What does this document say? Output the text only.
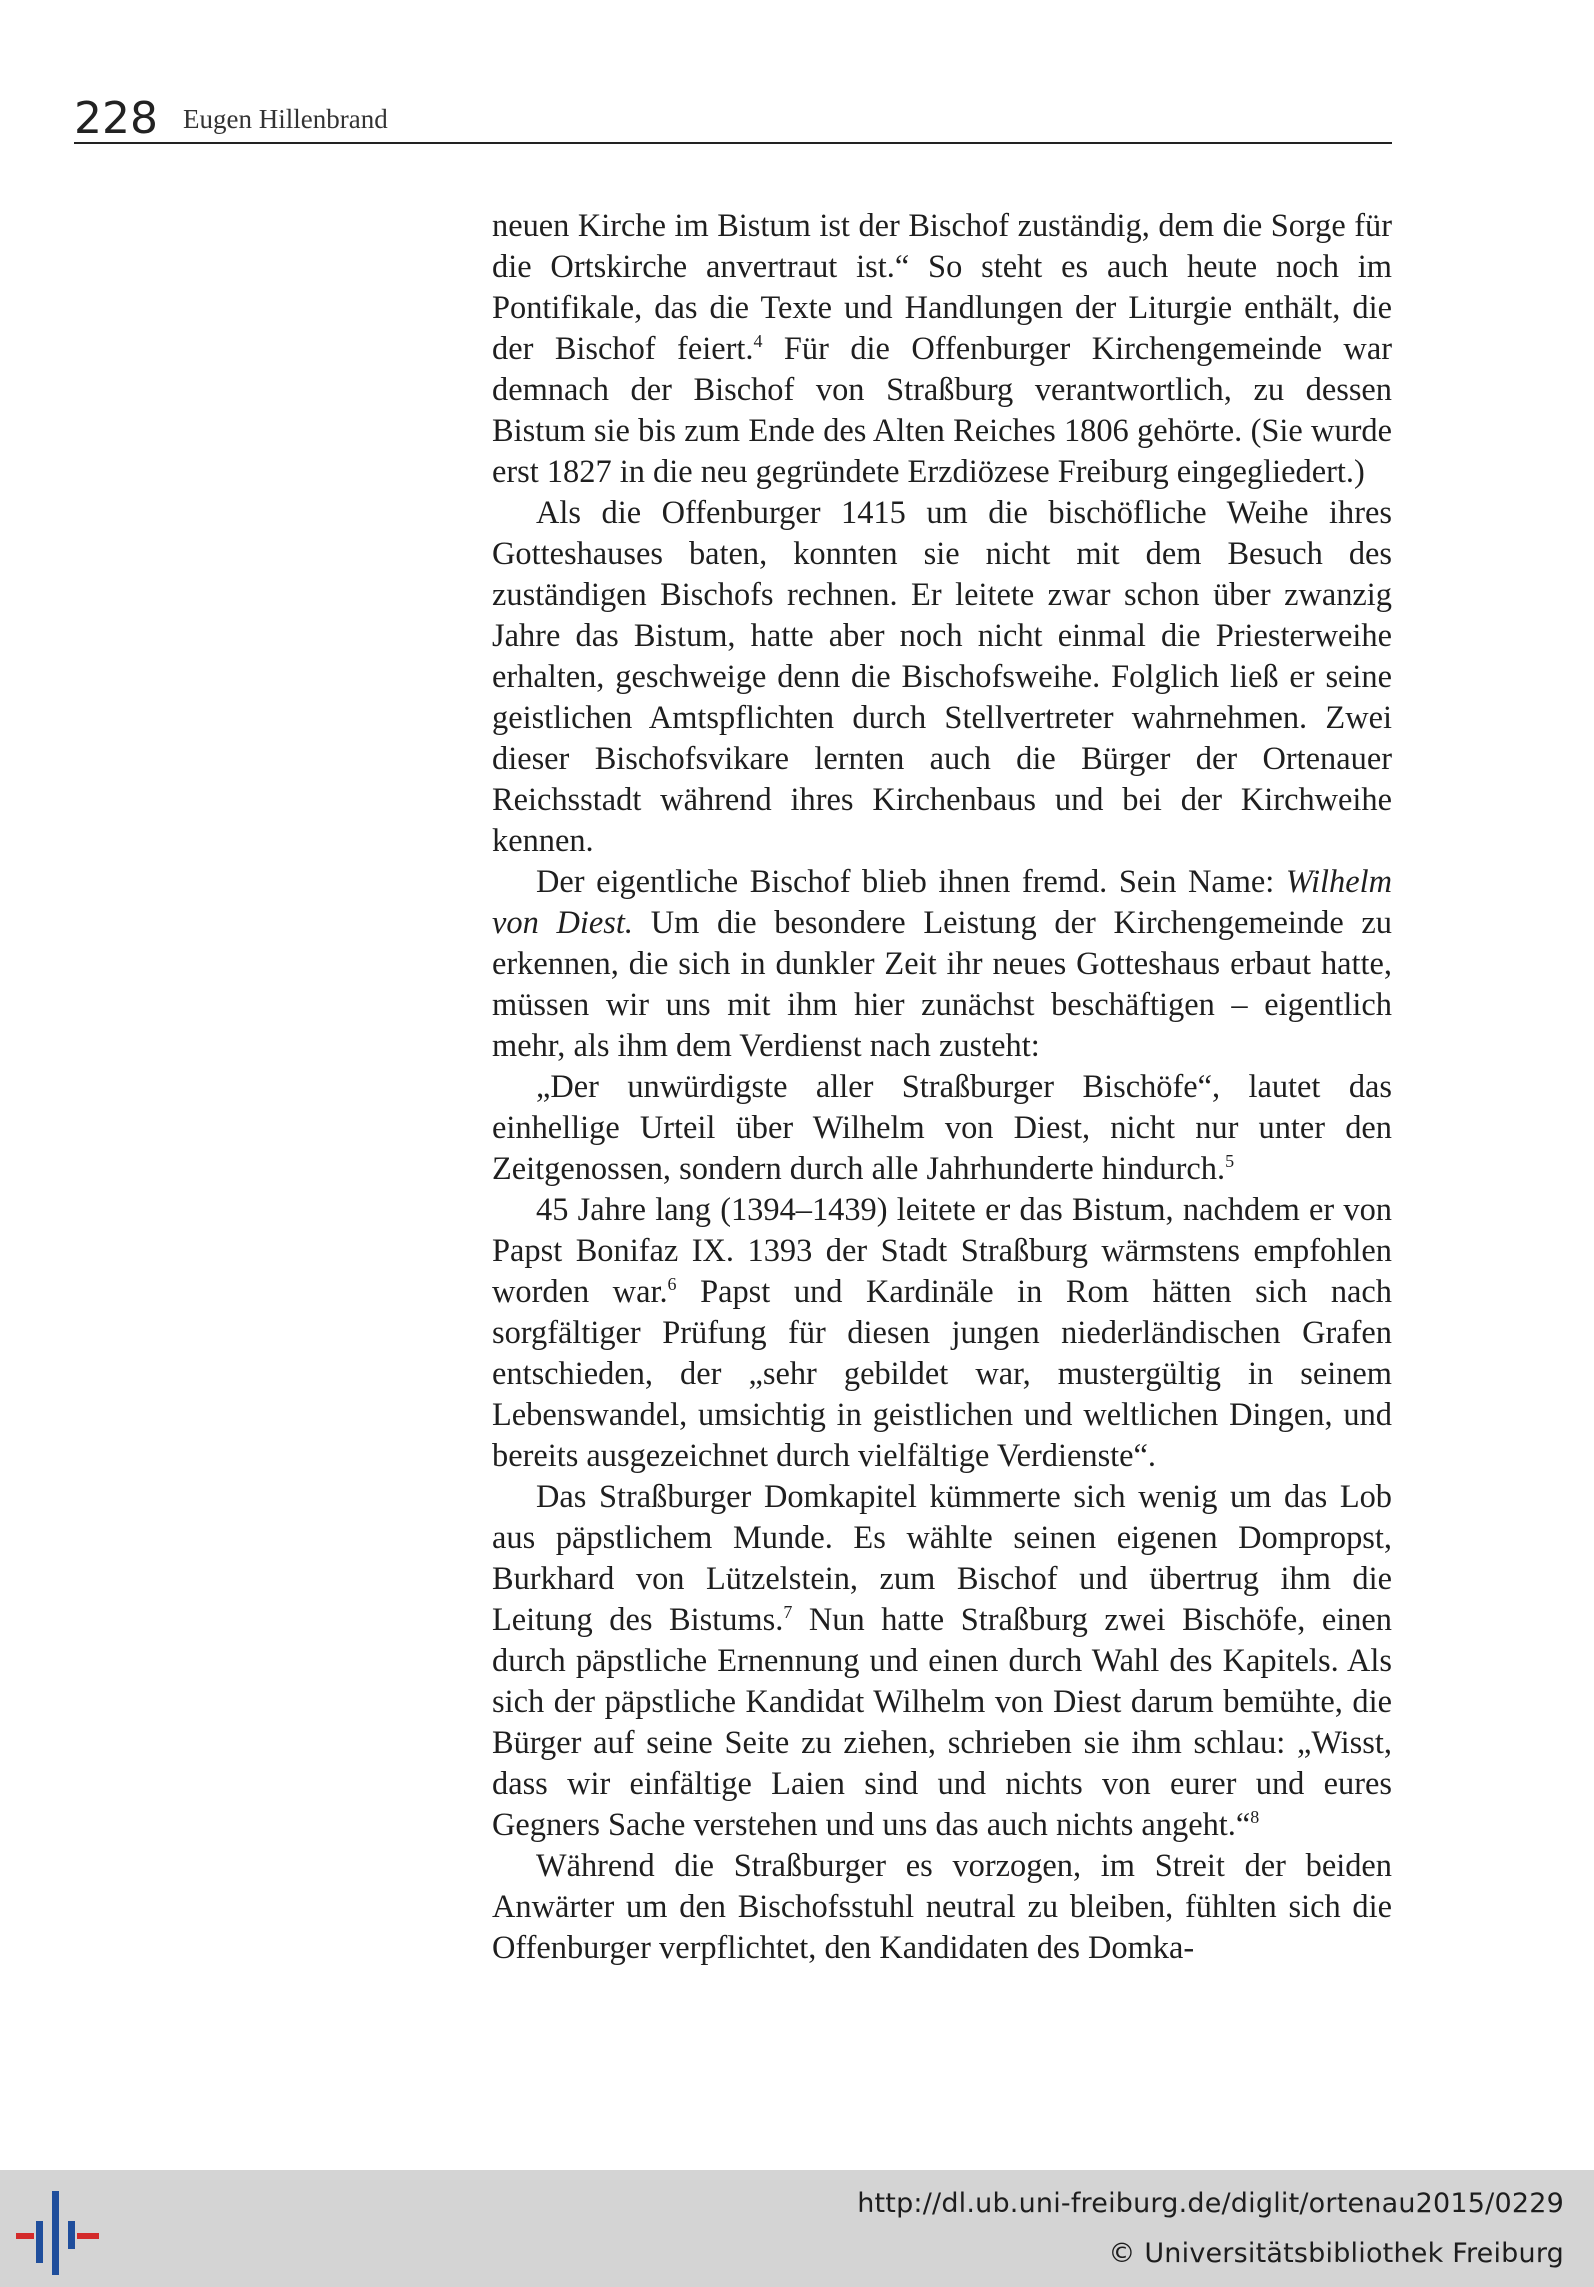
228 Eugen Hillenbrand

neuen Kirche im Bistum ist der Bischof zuständig, dem die Sorge für die Ortskirche anvertraut ist.“ So steht es auch heute noch im Pontifikale, das die Texte und Handlungen der Liturgie enthält, die der Bischof feiert.$^4$ Für die Offenburger Kirchengemeinde war demnach der Bischof von Straßburg verantwortlich, zu dessen Bistum sie bis zum Ende des Alten Reiches 1806 gehörte. (Sie wurde erst 1827 in die neu gegründete Erzdiözese Freiburg eingegliedert.)

Als die Offenburger 1415 um die bischöfliche Weihe ihres Gotteshauses baten, konnten sie nicht mit dem Besuch des zuständigen Bischofs rechnen. Er leitete zwar schon über zwanzig Jahre das Bistum, hatte aber noch nicht einmal die Priesterweihe erhalten, geschweige denn die Bischofsweihe. Folglich ließ er seine geistlichen Amtspflichten durch Stellvertreter wahrnehmen. Zwei dieser Bischofsvikare lernten auch die Bürger der Ortenauer Reichsstadt während ihres Kirchenbaus und bei der Kirchweihe kennen.

Der eigentliche Bischof blieb ihnen fremd. Sein Name: Wilhelm von Diest. Um die besondere Leistung der Kirchengemeinde zu erkennen, die sich in dunkler Zeit ihr neues Gotteshaus erbaut hatte, müssen wir uns mit ihm hier zunächst beschäftigen – eigentlich mehr, als ihm dem Verdienst nach zusteht:

„Der unwürdigste aller Straßburger Bischöfe“, lautet das einhellige Urteil über Wilhelm von Diest, nicht nur unter den Zeitgenossen, sondern durch alle Jahrhunderte hindurch.$^5$

45 Jahre lang (1394–1439) leitete er das Bistum, nachdem er von Papst Bonifaz IX. 1393 der Stadt Straßburg wärmstens empfohlen worden war.$^6$ Papst und Kardinäle in Rom hätten sich nach sorgfältiger Prüfung für diesen jungen niederländischen Grafen entschieden, der „sehr gebildet war, mustergültig in seinem Lebenswandel, umsichtig in geistlichen und weltlichen Dingen, und bereits ausgezeichnet durch vielfältige Verdienste“.

Das Straßburger Domkapitel kümmerte sich wenig um das Lob aus päpstlichem Munde. Es wählte seinen eigenen Dompropst, Burkhard von Lützelstein, zum Bischof und übertrug ihm die Leitung des Bistums.$^7$ Nun hatte Straßburg zwei Bischöfe, einen durch päpstliche Ernennung und einen durch Wahl des Kapitels. Als sich der päpstliche Kandidat Wilhelm von Diest darum bemühte, die Bürger auf seine Seite zu ziehen, schrieben sie ihm schlau: „Wisst, dass wir einfältige Laien sind und nichts von eurer und eures Gegners Sache verstehen und uns das auch nichts angeht.“$^8$

Während die Straßburger es vorzogen, im Streit der beiden Anwärter um den Bischofsstuhl neutral zu bleiben, fühlten sich die Offenburger verpflichtet, den Kandidaten des Domka-

http://dl.ub.uni-freiburg.de/diglit/ortenau2015/0229
© Universitätsbibliothek Freiburg
